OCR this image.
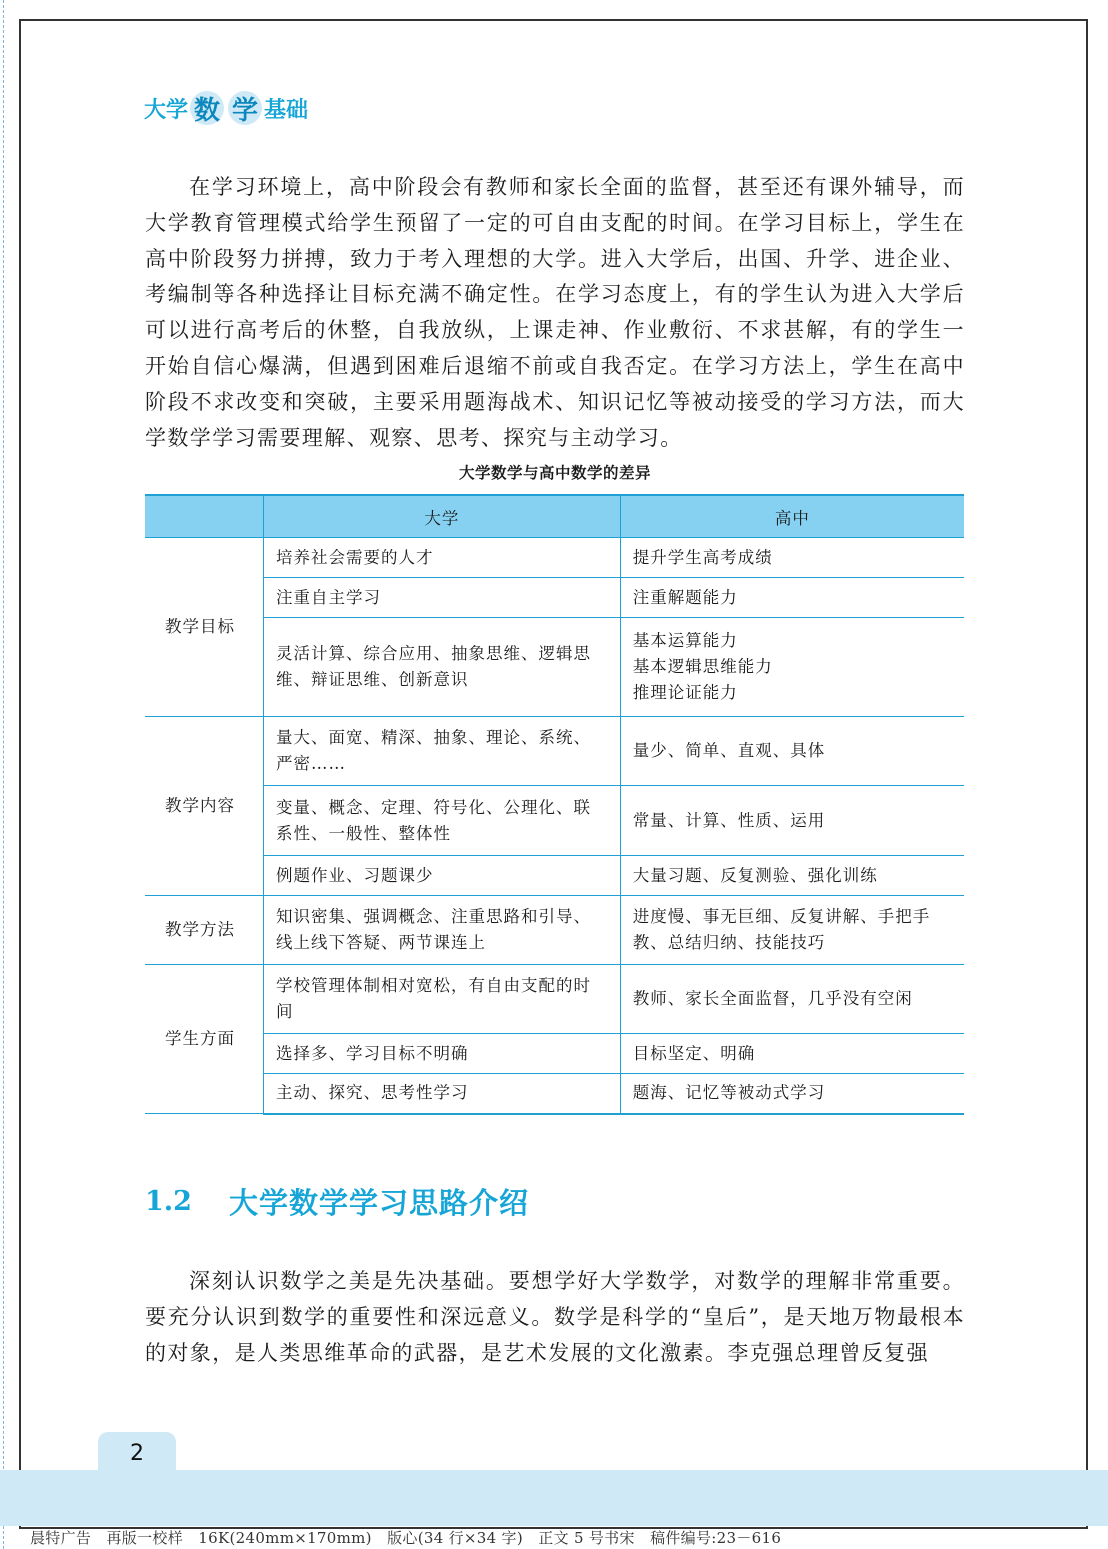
大 学 数 学 基 础

在学习环境上，高中阶段会有教师和家长全面的监督，甚至还有课外辅导，而大学教育管理模式给学生预留了一定的可自由支配的时间。在学习目标上，学生在高中阶段努力拼搏，致力于考入理想的大学。进入大学后，出国、升学、进企业、考编制等各种选择让目标充满不确定性。在学习态度上，有的学生认为进入大学后可以进行高考后的休整，自我放纵，上课走神、作业敷衍、不求甚解，有的学生一开始自信心爆满，但遇到困难后退缩不前或自我否定。在学习方法上，学生在高中阶段不求改变和突破，主要采用题海战术、知识记忆等被动接受的学习方法，而大学数学学习需要理解、观察、思考、探究与主动学习。

大学数学与高中数学的差异
	大学	高中
教学目标	培养社会需要的人才	提升学生高考成绩

	注重自主学习	注重解题能力

	灵活计算、综合应用、抽象思维、逻辑思维、辩证思维、创新意识	基本运算能力
基本逻辑思维能力
推理论证能力

教学内容	量大、面宽、精深、抽象、理论、系统、严密……	量少、简单、直观、具体

	变量、概念、定理、符号化、公理化、联系性、一般性、整体性	常量、计算、性质、运用

	例题作业、习题课少	大量习题、反复测验、强化训练

教学方法	知识密集、强调概念、注重思路和引导、线上线下答疑、两节课连上	进度慢、事无巨细、反复讲解、手把手教、总结归纳、技能技巧

学生方面	学校管理体制相对宽松，有自由支配的时间	教师、家长全面监督，几乎没有空闲

	选择多、学习目标不明确	目标坚定、明确

	主动、探究、思考性学习	题海、记忆等被动式学习
1.2	大学数学学习思路介绍

深刻认识数学之美是先决基础。要想学好大学数学，对数学的理解非常重要。要充分认识到数学的重要性和深远意义。数学是科学的“皇后”，是天地万物最根本的对象，是人类思维革命的武器，是艺术发展的文化激素。李克强总理曾反复强

2
晨特广告　再版一校样　16K(240mm×170mm)　版心(34 行×34 字)　正文 5 号书宋　稿件编号:23－616
